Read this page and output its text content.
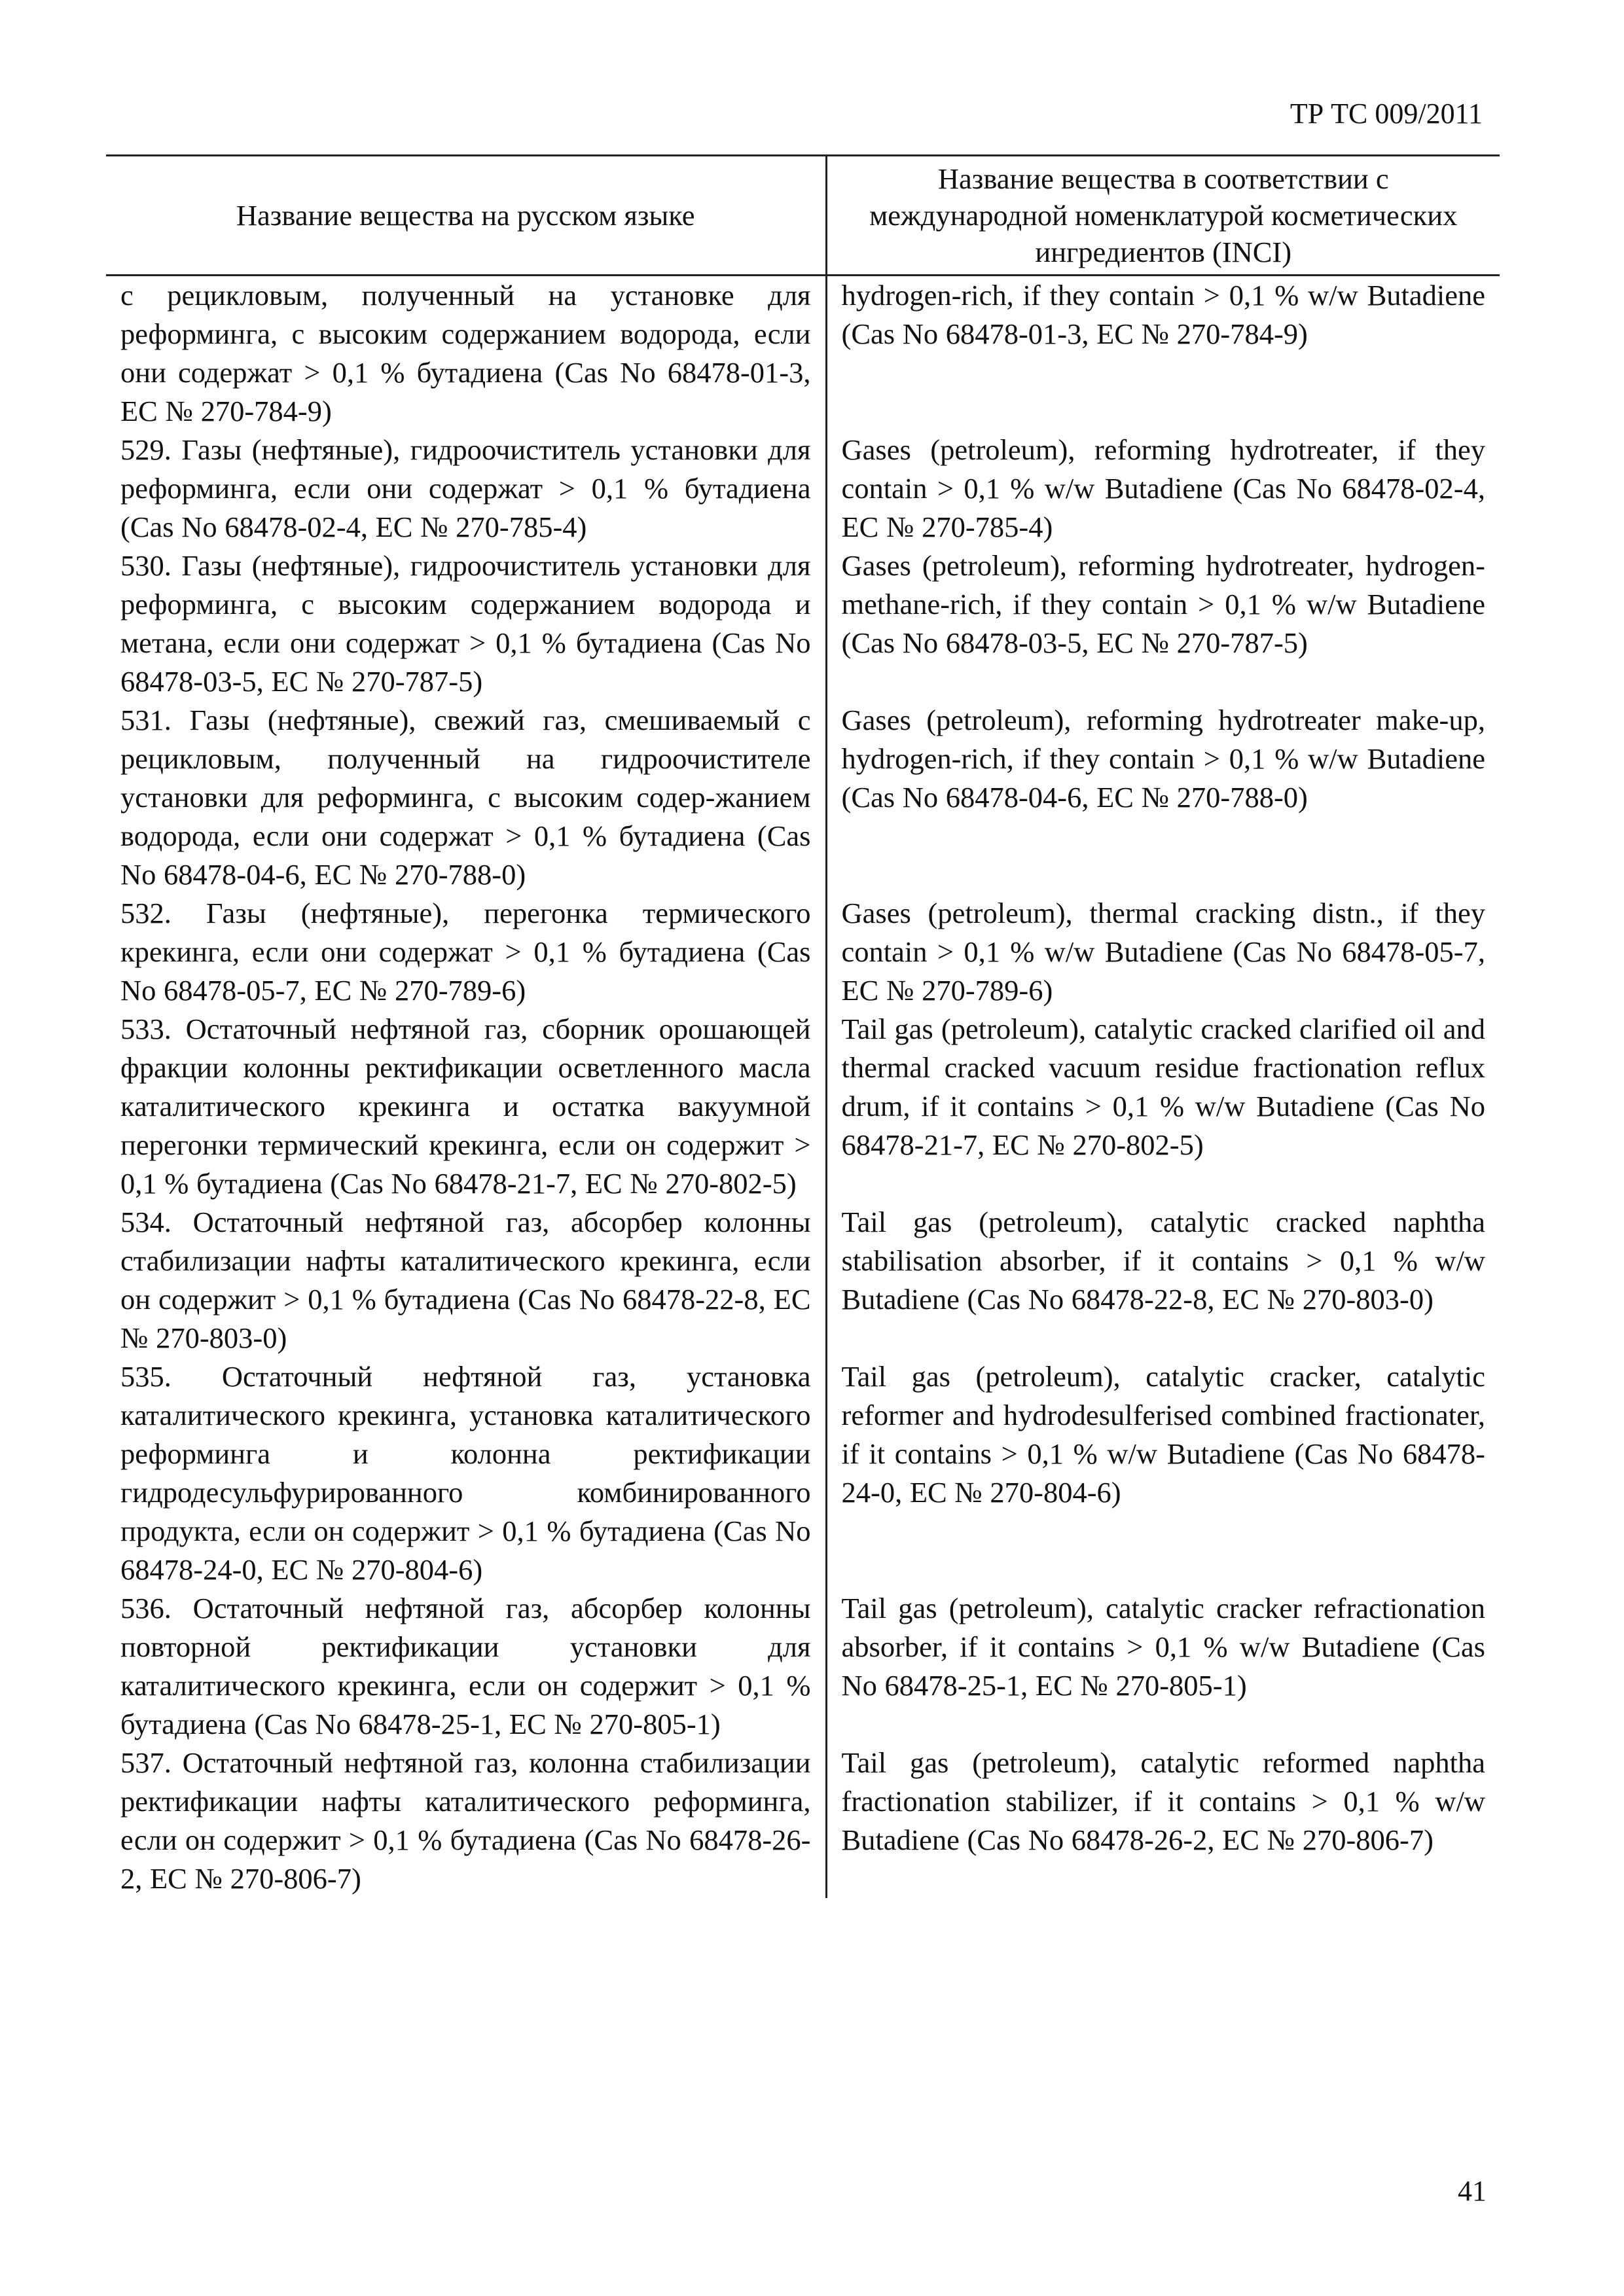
ТР ТС 009/2011
Название вещества на русском языке	Название вещества в соответствии с международной номенклатурой косметических ингредиентов (INCI)
с рецикловым, полученный на установке для реформинга, с высоким содержанием водорода, если они содержат > 0,1 % бутадиена (Cas No 68478-01-3, EC № 270-784-9)	hydrogen-rich, if they contain > 0,1 % w/w Butadiene (Cas No 68478-01-3, EC № 270-784-9)
529. Газы (нефтяные), гидроочиститель установки для реформинга, если они содержат > 0,1 % бутадиена (Cas No 68478-02-4, EC № 270-785-4)	Gases (petroleum), reforming hydrotreater, if they contain > 0,1 % w/w Butadiene (Cas No 68478-02-4, EC № 270-785-4)
530. Газы (нефтяные), гидроочиститель установки для реформинга, с высоким содержанием водорода и метана, если они содержат > 0,1 % бутадиена (Cas No 68478-03-5, EC № 270-787-5)	Gases (petroleum), reforming hydrotreater, hydrogen-methane-rich, if they contain > 0,1 % w/w Butadiene (Cas No 68478-03-5, EC № 270-787-5)
531. Газы (нефтяные), свежий газ, смешиваемый с рецикловым, полученный на гидроочистителе установки для реформинга, с высоким содер-жанием водорода, если они содержат > 0,1 % бутадиена (Cas No 68478-04-6, EC № 270-788-0)	Gases (petroleum), reforming hydrotreater make-up, hydrogen-rich, if they contain > 0,1 % w/w Butadiene (Cas No 68478-04-6, EC № 270-788-0)
532. Газы (нефтяные), перегонка термического крекинга, если они содержат > 0,1 % бутадиена (Cas No 68478-05-7, EC № 270-789-6)	Gases (petroleum), thermal cracking distn., if they contain > 0,1 % w/w Butadiene (Cas No 68478-05-7, EC № 270-789-6)
533. Остаточный нефтяной газ, сборник орошающей фракции колонны ректификации осветленного масла каталитического крекинга и остатка вакуумной перегонки термический крекинга, если он содержит > 0,1 % бутадиена (Cas No 68478-21-7, EC № 270-802-5)	Tail gas (petroleum), catalytic cracked clarified oil and thermal cracked vacuum residue fractionation reflux drum, if it contains > 0,1 % w/w Butadiene (Cas No 68478-21-7, EC № 270-802-5)
534. Остаточный нефтяной газ, абсорбер колонны стабилизации нафты каталитического крекинга, если он содержит > 0,1 % бутадиена (Cas No 68478-22-8, EC № 270-803-0)	Tail gas (petroleum), catalytic cracked naphtha stabilisation absorber, if it contains > 0,1 % w/w Butadiene (Cas No 68478-22-8, EC № 270-803-0)
535. Остаточный нефтяной газ, установка каталитического крекинга, установка каталитического реформинга и колонна ректификации гидродесульфурированного комбинированного продукта, если он содержит > 0,1 % бутадиена (Cas No 68478-24-0, EC № 270-804-6)	Tail gas (petroleum), catalytic cracker, catalytic reformer and hydrodesulferised combined fractionater, if it contains > 0,1 % w/w Butadiene (Cas No 68478-24-0, EC № 270-804-6)
536. Остаточный нефтяной газ, абсорбер колонны повторной ректификации установки для каталитического крекинга, если он содержит > 0,1 % бутадиена (Cas No 68478-25-1, EC № 270-805-1)	Tail gas (petroleum), catalytic cracker refractionation absorber, if it contains > 0,1 % w/w Butadiene (Cas No 68478-25-1, EC № 270-805-1)
537. Остаточный нефтяной газ, колонна стабилизации ректификации нафты каталитического реформинга, если он содержит > 0,1 % бутадиена (Cas No 68478-26-2, EC № 270-806-7)	Tail gas (petroleum), catalytic reformed naphtha fractionation stabilizer, if it contains > 0,1 % w/w Butadiene (Cas No 68478-26-2, EC № 270-806-7)
41
